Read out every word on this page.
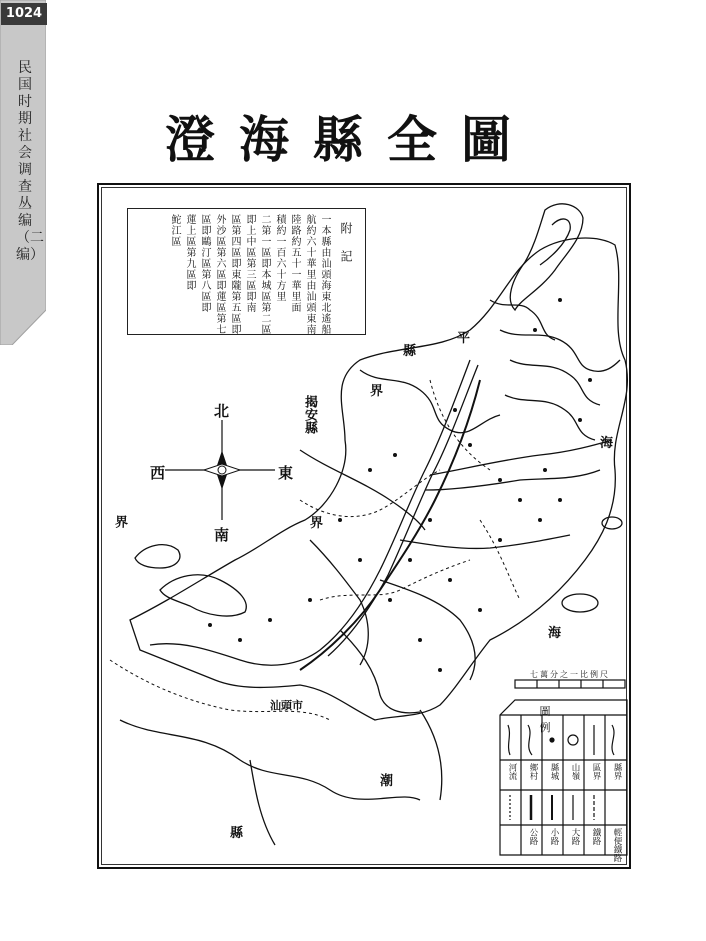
1024
民国时期社会调查丛编（二编）
澄海縣全圖
附記
一本縣由汕頭海東北遙船
航約六十華里由汕頭東南
陸路約五十一華里面
積約一百六十方里
二第一區即本城區第二區
即上中區第三區即南
區第四區即東隴第五區即
外沙區第六區即蓮區第七
區即鷗汀區第八區即
蓮上區第九區即
鮀江區
平
縣
界
揭安縣
界
海
海
界
汕頭市
潮
縣
北
南
東
西
七萬分之一比例尺
圖例
縣界
區界
山嶺
縣城
鄉村
河流
輕便鐵路
鐵路
大路
小路
公路
